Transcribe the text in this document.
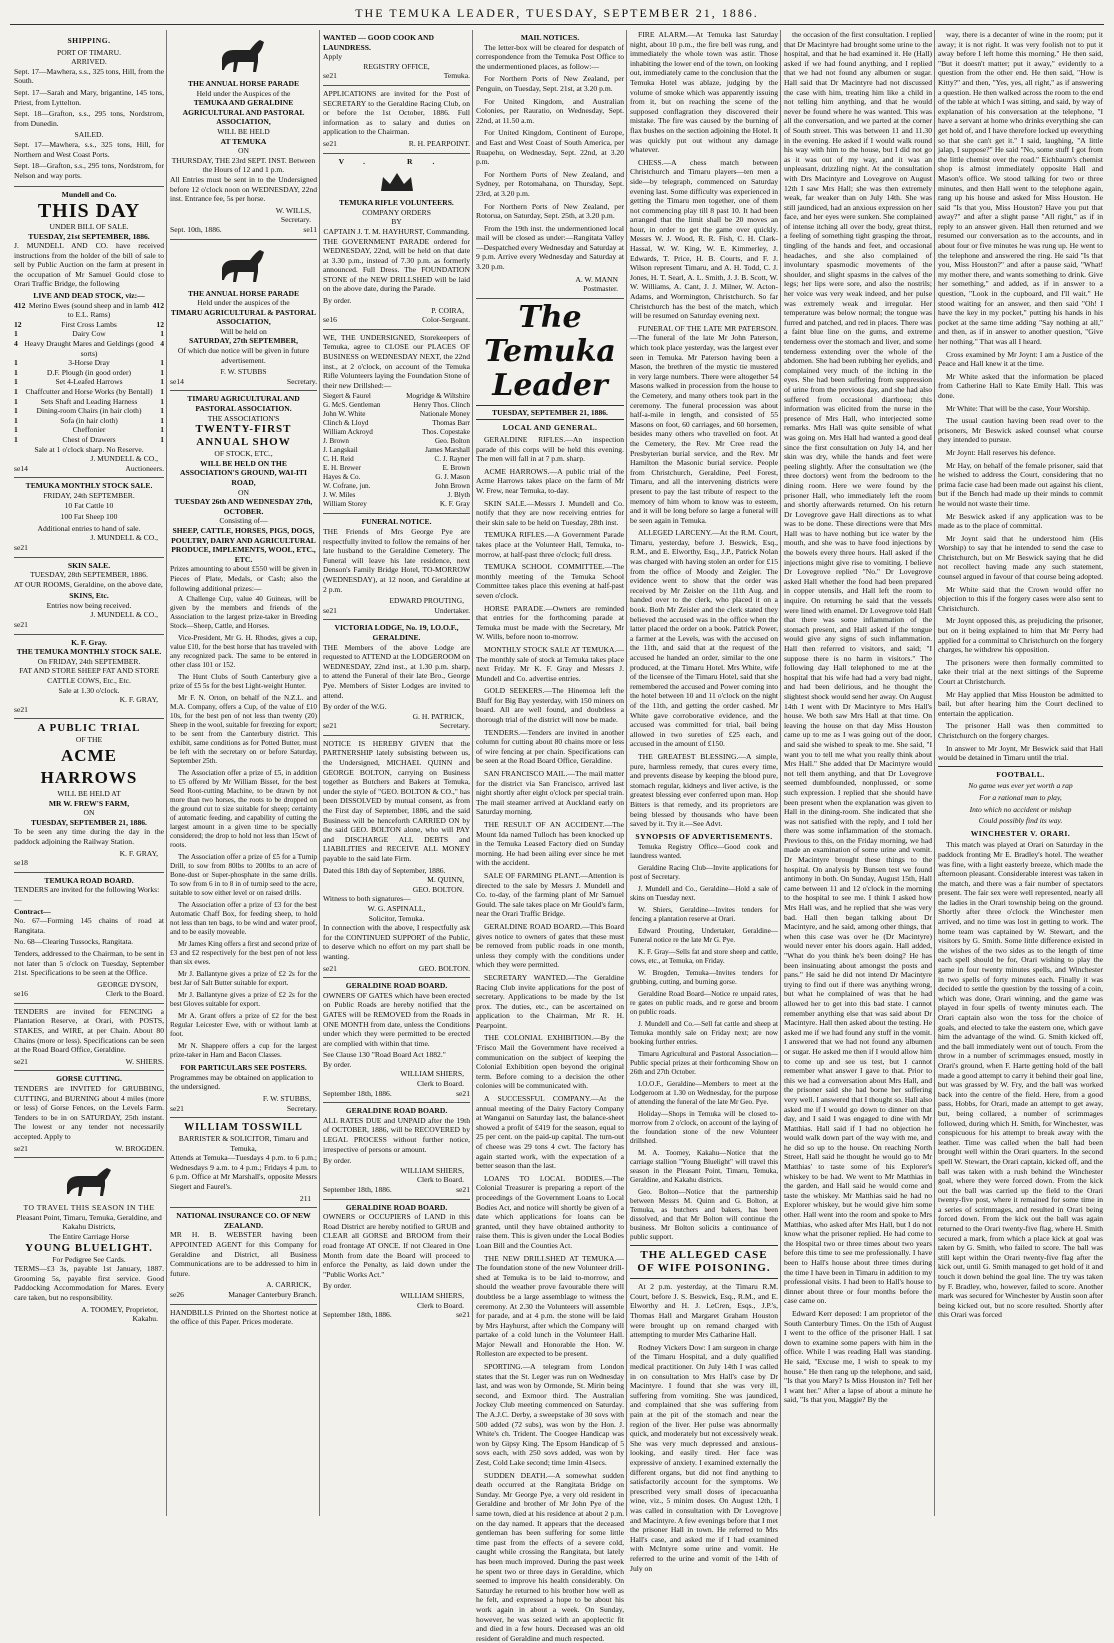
THE TEMUKA LEADER, TUESDAY, SEPTEMBER 21, 1886.
SHIPPING.
PORT OF TIMARU.
ARRIVED.

Sept. 17—Mawhera, s.s., 325 tons, Hill, from the South.

Sept. 17—Sarah and Mary, brigantine, 145 tons, Priest, from Lyttelton.

Sept. 18—Grafton, s.s., 295 tons, Nordstrom, from Dunedin.

SAILED.

Sept. 17—Mawhera, s.s., 325 tons, Hill, for Northern and West Coast Ports.

Sept. 18—Grafton, s.s., 295 tons, Nordstrom, for Nelson and way ports.

Mundell and Co.
THIS DAY
UNDER BILL OF SALE.
TUESDAY, 21st SEPTEMBER, 1886.

J. MUNDELL AND CO. have received instructions from the holder of the bill of sale to sell by Public Auction on the farm at present in the occupation of Mr Samuel Gould close to Orari Traffic Bridge, the following

LIVE AND DEAD STOCK, viz:—
412 Merino Ewes (sound sheep and in lamb to E.L. Rams)
412
12	First Cross Lambs	12
1	Dairy Cow	1
4 Heavy Draught Mares and Geldings (good sorts)
4
1	3-Horse Dray	1
1	D.F. Plough (in good order)	1
1	Set 4-Leafed Harrows	1
1	Chaffcutter and Horse Works (by Bentall)	1
1	Sets Shaft and Leading Harness	1
1	Dining-room Chairs (in hair cloth)	1
1	Sofa (in hair cloth)	1
1	Cheffonier	1
1	Chest of Drawers	1
Sale at 1 o'clock sharp. No Reserve.
J. MUNDELL & CO.,
se14	Auctioneers.
TEMUKA MONTHLY STOCK SALE.
FRIDAY, 24th SEPTEMBER.

10 Fat Cattle 10

100 Fat Sheep 100

Additional entries to hand of sale.
J. MUNDELL & CO.,
se21
SKIN SALE.
TUESDAY, 28th SEPTEMBER, 1886.

AT OUR ROOMS, Geraldine, on the above date,

SKINS, Etc.
Entries now being received.
J. MUNDELL & CO.,
se21
K. F. Gray.
THE TEMUKA MONTHLY STOCK SALE.
On FRIDAY, 24th SEPTEMBER.
FAT AND STORE SHEEP FAT AND STORE CATTLE COWS, Etc., Etc.
Sale at 1.30 o'clock.
K. F. GRAY,
se21
A PUBLIC TRIAL
OF THE
ACME HARROWS
WILL BE HELD AT
MR W. FREW'S FARM,
ON
TUESDAY, SEPTEMBER 21, 1886.

To be seen any time during the day in the paddock adjoining the Railway Station.

K. F. GRAY,
se18
TEMUKA ROAD BOARD.

TENDERS are invited for the following Works:—

Contract—

No. 67—Forming 145 chains of road at Rangitata.

No. 68—Clearing Tussocks, Rangitata.

Tenders, addressed to the Chairman, to be sent in not later than 5 o'clock on Tuesday, September 21st. Specifications to be seen at the Office.

GEORGE DYSON,
se16	Clerk to the Board.

TENDERS are invited for FENCING a Plantation Reserve, at Orari, with POSTS, STAKES, and WIRE, at per Chain. About 80 Chains (more or less). Specifications can be seen at the Road Board Office, Geraldine.

se21	W. SHIERS.
GORSE CUTTING.

TENDERS are INVITED for GRUBBING, CUTTING, and BURNING about 4 miles (more or less) of Gorse Fences, on the Levels Farm. Tenders to be in on SATURDAY, 25th instant. The lowest or any tender not necessarily accepted. Apply to

se21	W. BROGDEN.
TO TRAVEL THIS SEASON IN THE
Pleasant Point, Timaru, Temuka, Geraldine, and Kakahu Districts,
The Entire Carriage Horse
YOUNG BLUELIGHT.
For Pedigree See Cards.

TERMS—£3 3s, payable 1st January, 1887. Grooming 5s, payable first service. Good Paddocking Accommodation for Mares. Every care taken, but no responsibility.

A. TOOMEY, Proprietor,
Kakahu.
THE ANNUAL HORSE PARADE
Held under the Auspices of the
TEMUKA AND GERALDINE AGRICULTURAL AND PASTORAL ASSOCIATION,
WILL BE HELD
AT TEMUKA
ON
THURSDAY, THE 23rd SEPT. INST. Between the Hours of 12 and 1 p.m.

All Entries must be sent in to the Undersigned before 12 o'clock noon on WEDNESDAY, 22nd inst. Entrance fee, 5s per horse.

W. WILLS,
Secretary.
Sept. 10th, 1886.	se11
THE ANNUAL HORSE PARADE
Held under the auspices of the
TIMARU AGRICULTURAL & PASTORAL ASSOCIATION,
Will be held on
SATURDAY, 27th SEPTEMBER,

Of which due notice will be given in future advertisement.

F. W. STUBBS
se14	Secretary.
TIMARU AGRICULTURAL AND PASTORAL ASSOCIATION.
THE ASSOCIATION'S
TWENTY-FIRST ANNUAL SHOW
OF STOCK, ETC.,
WILL BE HELD ON THE ASSOCIATION'S GROUND, WAI-ITI ROAD,
ON
TUESDAY 26th AND WEDNESDAY 27th, OCTOBER.
Consisting of—
SHEEP, CATTLE, HORSES, PIGS, DOGS, POULTRY, DAIRY AND AGRICULTURAL PRODUCE, IMPLEMENTS, WOOL, ETC., ETC.

Prizes amounting to about £550 will be given in Pieces of Plate, Medals, or Cash; also the following additional prizes:—

A Challenge Cup, value 40 Guineas, will be given by the members and friends of the Association to the largest prize-taker in Breeding Stock—Sheep, Cattle, and Horses.

Vice-President, Mr G. H. Rhodes, gives a cup, value £10, for the best horse that has traveled with any recognized pack. The same to be entered in other class 101 or 152.

The Hunt Clubs of South Canterbury give a prize of £5 5s for the best Light-weight Hunter.

Mr F. N. Orton, on behalf of the N.Z.L. and M.A. Company, offers a Cup, of the value of £10 10s, for the best pen of not less than twenty (20) Sheep in the wool, suitable for freezing for export; to be sent from the Canterbury district. This exhibit, same conditions as for Potted Butter, must be left with the secretary on or before Saturday, September 25th.

The Association offer a prize of £5, in addition to £5 offered by Mr William Bisset, for the best Seed Root-cutting Machine, to be drawn by not more than two horses, the roots to be dropped on the ground cut to size suitable for sheep; certainty of automatic feeding, and capability of cutting the largest amount in a given time to be specially considered; the drop to hold not less than 15cwt of roots.

The Association offer a prize of £5 for a Turnip Drill, to sow from 80lbs to 200lbs to an acre of Bone-dust or Super-phosphate in the same drills. To sow from 6 in to 8 in of turnip seed to the acre, suitable to sow either level or on raised drills.

The Association offer a prize of £3 for the best Automatic Chaff Box, for feeding sheep, to hold not less than ten bags, to be wind and water proof, and to be easily moveable.

Mr James King offers a first and second prize of £3 and £2 respectively for the best pen of not less than six ewes.

Mr J. Ballantyne gives a prize of £2 2s for the best Jar of Salt Butter suitable for export.

Mr J. Ballantyne gives a prize of £2 2s for the best Gloves suitable for export.

Mr A. Grant offers a prize of £2 for the best Regular Leicester Ewe, with or without lamb at foot.

Mr N. Shappere offers a cup for the largest prize-taker in Ham and Bacon Classes.

FOR PARTICULARS SEE POSTERS.

Programmes may be obtained on application to the undersigned.

F. W. STUBBS,
se21	Secretary.
WILLIAM TOSSWILL
BARRISTER & SOLICITOR, Timaru and Temuka,

Attends at Temuka—Tuesdays 4 p.m. to 6 p.m.; Wednesdays 9 a.m. to 4 p.m.; Fridays 4 p.m. to 6 p.m. Office at Mr Marshall's, opposite Messrs Siegert and Faurel's.

211
NATIONAL INSURANCE CO. OF NEW ZEALAND.

MR H. B. WEBSTER having been APPOINTED AGENT for this Company for Geraldine and District, all Business Communications are to be addressed to him in future.

A. CARRICK,
se26	Manager Canterbury Branch.

HANDBILLS Printed on the Shortest notice at the office of this Paper. Prices moderate.

WANTED — GOOD COOK AND LAUNDRESS.
Apply
REGISTRY OFFICE,
se21	Temuka.

APPLICATIONS are invited for the Post of SECRETARY to the Geraldine Racing Club, on or before the 1st October, 1886. Full information as to salary and duties on application to the Chairman.

se21	R. H. PEARPOINT.
V. R.
TEMUKA RIFLE VOLUNTEERS.
COMPANY ORDERS
BY
CAPTAIN J. T. M. HAYHURST, Commanding.

THE GOVERNMENT PARADE ordered for WEDNESDAY, 22nd, will be held on that date at 3.30 p.m., instead of 7.30 p.m. as formerly announced. Full Dress. The FOUNDATION STONE of the NEW DRILLSHED will be laid on the above date, during the Parade.

By order.
P. COIRA,
se16	Color-Sergeant.

WE, THE UNDERSIGNED, Storekeepers of Temuka, agree to CLOSE our PLACES OF BUSINESS on WEDNESDAY NEXT, the 22nd inst., at 2 o'clock, on account of the Temuka Rifle Volunteers laying the Foundation Stone of their new Drillshed:—

Siegert & Faurel	Mogridge & Wiltshire
G. McS. Gentleman	Henry Thos. Clinch
John W. White	Nationale Money
Clinch & Lloyd	Thomas Barr
William Ackroyd	Thos. Copestake
J. Brown	Geo. Bolton
J. Langskail	James Marshall
C. H. Reid	C. J. Rayner
E. H. Brewer	E. Brown
Hayes & Co.	G. J. Mason
W. Cofrane, jun.	John Brown
J. W. Miles	J. Blyth
William Storey	K. F. Gray
FUNERAL NOTICE.

THE Friends of Mrs George Pye are respectfully invited to follow the remains of her late husband to the Geraldine Cemetery. The Funeral will leave his late residence, next Denson's Family Bridge Hotel, TO-MORROW (WEDNESDAY), at 12 noon, and Geraldine at 2 p.m.

EDWARD PROUTING,
se21	Undertaker.
VICTORIA LODGE, No. 19, I.O.O.F., GERALDINE.

THE Members of the above Lodge are requested to ATTEND at the LODGEROOM on WEDNESDAY, 22nd inst., at 1.30 p.m. sharp, to attend the Funeral of their late Bro., George Pye. Members of Sister Lodges are invited to attend.

By order of the W.G.
G. H. PATRICK,
se21	Secretary.

NOTICE IS HEREBY GIVEN that the PARTNERSHIP lately subsisting between us, the Undersigned, MICHAEL QUINN and GEORGE BOLTON, carrying on Business together as Butchers and Bakers at Temuka, under the style of "GEO. BOLTON & CO.," has been DISSOLVED by mutual consent, as from the First day of September, 1886, and the said Business will be henceforth CARRIED ON by the said GEO. BOLTON alone, who will PAY and DISCHARGE ALL DEBTS and LIABILITIES and RECEIVE ALL MONEY payable to the said late Firm.

Dated this 18th day of September, 1886.
M. QUINN,
GEO. BOLTON.
Witness to both signatures—
W. G. ASPINALL,
Solicitor, Temuka.

In connection with the above, I respectfully ask for the CONTINUED SUPPORT of the Public, to deserve which no effort on my part shall be wanting.

se21	GEO. BOLTON.
GERALDINE ROAD BOARD.

OWNERS OF GATES which have been erected on Public Roads are hereby notified that the GATES will be REMOVED from the Roads in ONE MONTH from date, unless the Conditions under which they were permitted to be erected are complied with within that time.

See Clause 130 "Road Board Act 1882."
By order.
WILLIAM SHIERS,
Clerk to Board.
September 18th, 1886.	se21
GERALDINE ROAD BOARD.

ALL RATES DUE and UNPAID after the 19th of OCTOBER, 1886, will be RECOVERED by LEGAL PROCESS without further notice, irrespective of persons or amount.

By order.
WILLIAM SHIERS,
Clerk to Board.
September 18th, 1886.	se21
GERALDINE ROAD BOARD.

OWNERS or OCCUPIERS of LAND in this Road District are hereby notified to GRUB and CLEAR all GORSE and BROOM from their road frontage AT ONCE. If not Cleared in One Month from date the Board will proceed to enforce the Penalty, as laid down under the "Public Works Act."

By order.
WILLIAM SHIERS,
Clerk to Board.
September 18th, 1886.	se21
MAIL NOTICES.

The letter-box will be cleared for despatch of correspondence from the Temuka Post Office to the undermentioned places, as follow:—

For Northern Ports of New Zealand, per Penguin, on Tuesday, Sept. 21st, at 3.20 p.m.

For United Kingdom, and Australian Colonies, per Rauratio, on Wednesday, Sept. 22nd, at 11.50 a.m.

For United Kingdom, Continent of Europe, and East and West Coast of South America, per Ruapehu, on Wednesday, Sept. 22nd, at 3.20 p.m.

For Northern Ports of New Zealand, and Sydney, per Rotomahana, on Thursday, Sept. 23rd, at 3.20 p.m.

For Northern Ports of New Zealand, per Rotorua, on Saturday, Sept. 25th, at 3.20 p.m.

From the 19th inst. the undermentioned local mail will be closed as under:—Rangitata Valley—Despatched every Wednesday and Saturday at 9 p.m. Arrive every Wednesday and Saturday at 3.20 p.m.

A. W. MANN
Postmaster.
The Temuka Leader
TUESDAY, SEPTEMBER 21, 1886.
LOCAL AND GENERAL.

GERALDINE RIFLES.—An inspection parade of this corps will be held this evening. The men will fall in at 7 p.m. sharp.

ACME HARROWS.—A public trial of the Acme Harrows takes place on the farm of Mr W. Frew, near Temuka, to-day.

SKIN SALE.—Messrs J. Mundell and Co. notify that they are now receiving entries for their skin sale to be held on Tuesday, 28th inst.

TEMUKA RIFLES.—A Government Parade takes place at the Volunteer Hall, Temuka, to-morrow, at half-past three o'clock; full dress.

TEMUKA SCHOOL COMMITTEE.—The monthly meeting of the Temuka School Committee takes place this evening at half-past seven o'clock.

HORSE PARADE.—Owners are reminded that entries for the forthcoming parade at Temuka must be made with the Secretary, Mr W. Wills, before noon to-morrow.

MONTHLY STOCK SALE AT TEMUKA.—The monthly sale of stock at Temuka takes place next Friday. Mr K. F. Gray and Messrs J. Mundell and Co. advertise entries.

GOLD SEEKERS.—The Hinemoa left the Bluff for Big Bay yesterday, with 150 miners on board. All are well found, and doubtless a thorough trial of the district will now be made.

TENDERS.—Tenders are invited in another column for cutting about 80 chains more or less of wire fencing at per chain. Specifications can be seen at the Road Board Office, Geraldine.

SAN FRANCISCO MAIL.—The mail matter for the district via San Francisco, arrived last night shortly after eight o'clock per special train. The mail steamer arrived at Auckland early on Saturday morning.

THE RESULT OF AN ACCIDENT.—The Mount Ida named Tulloch has been knocked up in the Temuka Leased Factory died on Sunday morning. He had been ailing ever since he met with the accident.

SALE OF FARMING PLANT.—Attention is directed to the sale by Messrs J. Mundell and Co. to-day, of the farming plant of Mr Samuel Gould. The sale takes place on Mr Gould's farm, near the Orari Traffic Bridge.

GERALDINE ROAD BOARD.—This Board gives notice to owners of gates that these must be removed from public roads in one month, unless they comply with the conditions under which they were permitted.

SECRETARY WANTED.—The Geraldine Racing Club invite applications for the post of secretary. Applications to be made by the 1st prox. The duties, etc., can be ascertained on application to the Chairman, Mr R. H. Pearpoint.

THE COLONIAL EXHIBITION.—By the 'Frisco Mail the Government have received a communication on the subject of keeping the Colonial Exhibition open beyond the original term. Before coming to a decision the other colonies will be communicated with.

A SUCCESSFUL COMPANY.—At the annual meeting of the Dairy Factory Company at Wanganui on Saturday last, the balance-sheet showed a profit of £419 for the season, equal to 25 per cent. on the paid-up capital. The turn-out of cheese was 29 tons 4 cwt. The factory has again started work, with the expectation of a better season than the last.

LOANS TO LOCAL BODIES.—The Colonial Treasurer is preparing a report of the proceedings of the Government Loans to Local Bodies Act, and notice will shortly be given of a date which applications for loans can be granted, until they have obtained authority to raise them. This is given under the Local Bodies Loan Bill and the Counties Act.

THE NEW DRILLSHED AT TEMUKA.—The foundation stone of the new Volunteer drill-shed at Temuka is to be laid to-morrow, and should the weather prove favourable there will doubtless be a large assemblage to witness the ceremony. At 2.30 the Volunteers will assemble for parade, and at 4 p.m. the stone will be laid by Mrs Hayhurst, after which the Company will partake of a cold lunch in the Volunteer Hall. Major Newall and Honorable the Hon. W. Rolleston are expected to be present.

SPORTING.—A telegram from London states that the St. Leger was run on Wednesday last, and was won by Ormonde, St. Mirin being second, and Exmoor third. The Australian Jockey Club meeting commenced on Saturday. The A.J.C. Derby, a sweepstake of 30 sovs with 500 added (72 subs), was won by the Hon. J. White's ch. Trident. The Coogee Handicap was won by Gipsy King. The Epsom Handicap of 5 sovs each, with 250 sovs added, was won by Zest, Cold Lake second; time 1min 41secs.

SUDDEN DEATH.—A somewhat sudden death occurred at the Rangitata Bridge on Sunday. Mr George Pye, a very old resident in Geraldine and brother of Mr John Pye of the same town, died at his residence at about 2 p.m. on the day named. It appears that the deceased gentleman has been suffering for some little time past from the effects of a severe cold, caught while crossing the Rangitata, but lately has been much improved. During the past week he spent two or three days in Geraldine, which seemed to improve his health considerably. On Saturday he returned to his brother how well as he felt, and expressed a hope to be about his work again in about a week. On Sunday, however, he was seized with an apoplectic fit and died in a few hours. Deceased was an old resident of Geraldine and much respected.

FIRE ALARM.—At Temuka last Saturday night, about 10 p.m., the fire bell was rung, and immediately the whole town was astir. Those inhabiting the lower end of the town, on looking out, immediately came to the conclusion that the Temuka Hotel was ablaze, judging by the volume of smoke which was apparently issuing from it, but on reaching the scene of the supposed conflagration they discovered their mistake. The fire was caused by the burning of flax bushes on the section adjoining the Hotel. It was quickly put out without any damage whatever.

CHESS.—A chess match between Christchurch and Timaru players—ten men a side—by telegraph, commenced on Saturday evening last. Some difficulty was experienced in getting the Timaru men together, one of them not commencing play till 8 past 10. It had been arranged that the limit shall be 20 moves an hour, in order to get the game over quickly. Messrs W. J. Wood, R. R. Fish, C. H. Clark-Hassal, W. W. King, W. E. Kimmerley, J. Edwards, T. Price, H. B. Courts, and F. J. Wilson represent Timaru, and A. H. Todd, C. J. Jones, H. T. Searl, A. L. Smith, J. J. B. Scott, W. W. Williams, A. Cant, J. J. Milner, W. Acton-Adams, and Wormington, Christchurch. So far Christchurch has the best of the match, which will be resumed on Saturday evening next.

FUNERAL OF THE LATE MR PATERSON.—The funeral of the late Mr John Paterson, which took place yesterday, was the largest ever seen in Temuka. Mr Paterson having been a Mason, the brethren of the mystic tie mustered in very large numbers. There were altogether 54 Masons walked in procession from the house to the Cemetery, and many others took part in the ceremony. The funeral procession was about half-a-mile in length, and consisted of 55 Masons on foot, 60 carriages, and 60 horsemen, besides many others who travelled on foot. At the Cemetery, the Rev. Mr Cree read the Presbyterian burial service, and the Rev. Mr Hamilton the Masonic burial service. People from Christchurch, Geraldine, Peel Forest, Timaru, and all the intervening districts were present to pay the last tribute of respect to the memory of him whom to know was to esteem, and it will be long before so large a funeral will be seen again in Temuka.

ALLEGED LARCENY.—At the R.M. Court, Timaru, yesterday, before J. Beswick, Esq., R.M., and E. Elworthy, Esq., J.P., Patrick Nolan was charged with having stolen an order for £15 from the office of Moody and Zeigler. The evidence went to show that the order was received by Mr Zeisler on the 11th Aug. and handed over to the clerk, who placed it on a book. Both Mr Zeisler and the clerk stated they believed the accused was in the office when the latter placed the order on a book. Patrick Power, a farmer at the Levels, was with the accused on the 11th, and said that at the request of the accused he handed an order, similar to the one produced, at the Timaru Hotel. Mrs White, wife of the licensee of the Timaru Hotel, said that she remembered the accused and Power coming into the hotel between 10 and 11 o'clock on the night of the 11th, and getting the order cashed. Mr White gave corroborative evidence, and the accused was committed for trial, bail being allowed in two sureties of £25 each, and accused in the amount of £150.

THE GREATEST BLESSING.—A simple, pure, harmless remedy, that cures every time, and prevents disease by keeping the blood pure, stomach regular, kidneys and liver active, is the greatest blessing ever conferred upon man. Hop Bitters is that remedy, and its proprietors are being blessed by thousands who have been saved by it. Try it.—See Advt.

SYNOPSIS OF ADVERTISEMENTS.

Temuka Registry Office—Good cook and laundress wanted.

Geraldine Racing Club—Invite applications for post of Secretary.

J. Mundell and Co., Geraldine—Hold a sale of skins on Tuesday next.

W. Shiers, Geraldine—Invites tenders for fencing a plantation reserve at Orari.

Edward Prouting, Undertaker, Geraldine—Funeral notice re the late Mr G. Pye.

K. F. Gray—Sells fat and store sheep and cattle, cows, etc., at Temuka, on Friday.

W. Brogden, Temuka—Invites tenders for grubbing, cutting, and burning gorse.

Geraldine Road Board—Notice re unpaid rates, re gates on public roads, and re gorse and broom on public roads.

J. Mundell and Co.—Sell fat cattle and sheep at Temuka monthly sale on Friday next; are now booking further entries.

Timaru Agricultural and Pastoral Association—Public special prizes at their forthcoming Show on 26th and 27th October.

I.O.O.F., Geraldine—Members to meet at the Lodgeroom at 1.30 on Wednesday, for the purpose of attending the funeral of the late Mr Geo. Pye.

Holiday—Shops in Temuka will be closed to-morrow from 2 o'clock, on account of the laying of the foundation stone of the new Volunteer drillshed.

M. A. Toomey, Kakahu—Notice that the carriage stallion "Young Bluelight" will travel this season in the Pleasant Point, Timaru, Temuka, Geraldine, and Kakahu districts.

Geo. Bolton—Notice that the partnership between Messrs M. Quinn and G. Bolton, at Temuka, as butchers and bakers, has been dissolved, and that Mr Bolton will continue the business. Mr Bolton solicits a continuance of public support.

THE ALLEGED CASE OF WIFE POISONING.

At 2 p.m. yesterday, at the Timaru R.M. Court, before J. S. Beswick, Esq., R.M., and E. Elworthy and H. J. LeCren, Esqs., J.P.'s, Thomas Hall and Margaret Graham Houston were brought up on remand charged with attempting to murder Mrs Catharine Hall.

Rodney Vickers Dow: I am surgeon in charge of the Timaru Hospital, and a duly qualified medical practitioner. On July 14th I was called in on consultation to Mrs Hall's case by Dr Macintyre. I found that she was very ill, suffering from vomiting. She was jaundiced, and complained that she was suffering from pain at the pit of the stomach and near the region of the liver. Her pulse was abnormally quick, and moderately but not excessively weak. She was very much depressed and anxious-looking, and easily tired. Her face was expressive of anxiety. I examined externally the different organs, but did not find anything to satisfactorily account for the symptoms. We prescribed very small doses of ipecacuanha wine, viz., 5 minim doses. On August 12th, I was called in consultation with Dr Lovegrove and Macintyre. A few evenings before that I met the prisoner Hall in town. He referred to Mrs Hall's case, and asked me if I had examined with McIntyre some urine and vomit. He referred to the urine and vomit of the 14th of July on

the occasion of the first consultation. I replied that Dr Macintyre had brought some urine to the hospital, and that he had examined it. He (Hall) asked if we had found anything, and I replied that we had not found any albumen or sugar. Hall said that Dr Macintyre had not discussed the case with him, treating him like a child in not telling him anything, and that he would never be found where he was wanted. This was all the conversation, and we parted at the corner of South street. This was between 11 and 11.30 in the evening. He asked if I would walk round his way with him to the house, but I did not go as it was out of my way, and it was an unpleasant, drizzling night. At the consultation with Drs Macintyre and Lovegrove on August 12th I saw Mrs Hall; she was then extremely weak, far weaker than on July 14th. She was still jaundiced, had an anxious expression on her face, and her eyes were sunken. She complained of intense itching all over the body, great thirst, a feeling of something tight grasping the throat, tingling of the hands and feet, and occasional headaches, and she also complained of involuntary spasmodic movements of the shoulder, and slight spasms in the calves of the legs; her lips were sore, and also the nostrils; her voice was very weak indeed, and her pulse was extremely weak and irregular. Her temperature was below normal; the tongue was furred and patched, and red in places. There was a faint blue line on the gums, and extreme tenderness over the stomach and liver, and some tenderness extending over the whole of the abdomen. She had been rubbing her eyelids, and complained very much of the itching in the eyes. She had been suffering from suppression of urine from the previous day, and she had also suffered from occasional diarrhoea; this information was elicited from the nurse in the presence of Mrs Hall, who interjected some remarks. Mrs Hall was quite sensible of what was going on. Mrs Hall had wanted a good deal since the first consultation on July 14, and her skin was dry, while the hands and feet were peeling slightly. After the consultation we (the three doctors) went from the bedroom to the dining room. Here we were found by the prisoner Hall, who immediately left the room and shortly afterwards returned. On his return Dr Lovegrove gave Hall directions as to what was to be done. These directions were that Mrs Hall was to have nothing but ice water by the mouth, and she was to have food injections by the bowels every three hours. Hall asked if the injections might give rise to vomiting. I believe Dr Lovegrove replied "No." Dr Lovegrove asked Hall whether the food had been prepared in copper utensils, and Hall left the room to inquire. On returning he said that the vessels were lined with enamel. Dr Lovegrove told Hall that there was some inflammation of the stomach present, and Hall asked if the tongue would give any signs of such inflammation. Hall then referred to visitors, and said; "I suppose there is no harm in visitors." The following day Hall telephoned to me at the hospital that his wife had had a very bad night, and had been delirious, and he thought the slightest shock would send her away. On August 14th I went with Dr Macintyre to Mrs Hall's house. We both saw Mrs Hall at that time. On leaving the house on that day Miss Houston came up to me as I was going out of the door, and said she wished to speak to me. She said, "I want you to tell me what you really think about Mrs Hall." She added that Dr Macintyre would not tell them anything, and that Dr Lovegrove seemed dumbfounded, nonplussed, or some such expression. I replied that she should have been present when the explanation was given to Hall in the dining-room. She indicated that she was not satisfied with the reply, and I told her there was some inflammation of the stomach. Previous to this, on the Friday morning, we had made an examination of some urine and vomit. Dr Macintyre brought these things to the hospital. On analysis by Bunsen test we found antimony in both. On Sunday, August 15th, Hall came between 11 and 12 o'clock in the morning to the hospital to see me. I think I asked how Mrs Hall was, and he replied that she was very bad. Hall then began talking about Dr Macintyre, and he said, among other things, that when this case was over he (Dr Macintyre) would never enter his doors again. Hall added, "What do you think he's been doing? He has been insinuating about amongst the posts and pans." He said he did not intend Dr Macintyre trying to find out if there was anything wrong, but what he complained of was that he had allowed her to get into this bad state. I cannot remember anything else that was said about Dr Macintyre. Hall then asked about the testing. He asked me if we had found any stuff in the vomit. I answered that we had not found any albumen or sugar. He asked me then if I would allow him to come up and see us test, but I cannot remember what answer I gave to that. Prior to this we had a conversation about Mrs Hall, and the prisoner said she had borne her suffering very well. I answered that I thought so. Hall also asked me if I would go down to dinner on that day, and I said I was engaged to dine with Mr Matthias. Hall said if I had no objection he would walk down part of the way with me, and he did so up to the house. On reaching North Street, Hall said he thought he would go to Mr Matthias' to taste some of his Explorer's whiskey to be had. We went to Mr Matthias in the garden, and Hall said he would come and taste the whiskey. Mr Matthias said he had no Explorer whiskey, but he would give him some other. Hall went into the room and spoke to Mrs Matthias, who asked after Mrs Hall, but I do not know what the prisoner replied. He had come to the Hospital two or three times about two years before this time to see me professionally. I have been to Hall's house about three times during the time I have been in Timaru in addition to my professional visits. I had been to Hall's house to dinner about three or four months before the case came on.

Edward Kerr deposed: I am proprietor of the South Canterbury Times. On the 15th of August I went to the office of the prisoner Hall. I sat down to examine some papers with him in the office. While I was reading Hall was standing. He said, "Excuse me, I wish to speak to my house." He then rang up the telephone, and said, "Is that you Mary? Is Miss Houston in? Tell her I want her." After a lapse of about a minute he said, "Is that you, Maggie? By the

way, there is a decanter of wine in the room; put it away; it is not right. It was very foolish not to put it away before I left home this morning." He then said, "But it doesn't matter; put it away," evidently to a question from the other end. He then said, "How is Kitty?" and then, "Yes, yes, all right," as if answering a question. He then walked across the room to the end of the table at which I was sitting, and said, by way of explanation of his conversation at the telephone, "I have a servant at home who drinks everything she can get hold of, and I have therefore locked up everything so that she can't get it." I said, laughing, "A little jalap, I suppose?" He said "No, some stuff I got from the little chemist over the road." Eichbaum's chemist shop is almost immediately opposite Hall and Mason's office. We stood talking for two or three minutes, and then Hall went to the telephone again, rang up his house and asked for Miss Houston. He said "Is that you, Miss Houston? Have you put that away?" and after a slight pause "All right," as if in reply to an answer given. Hall then returned and we resumed our conversation as to the accounts, and in about four or five minutes he was rung up. He went to the telephone and answered the ring. He said "Is that you, Miss Houston?" and after a pause said, "What! my mother there, and wants something to drink. Give her something," and added, as if in answer to a question, "Look in the cupboard, and I'll wait." He stood waiting for an answer, and then said "Oh! I have the key in my pocket," putting his hands in his pocket at the same time adding "Say nothing at all," and then, as if in answer to another question, "Give her nothing." That was all I heard.

Cross examined by Mr Joynt: I am a Justice of the Peace and Hall knew it at the time.

Mr White asked that the information be placed from Catherine Hall to Kate Emily Hall. This was done.

Mr White: That will be the case, Your Worship.

The usual caution having been read over to the prisoners, Mr Beswick asked counsel what course they intended to pursue.

Mr Joynt: Hall reserves his defence.

Mr Hay, on behalf of the female prisoner, said that he wished to address the Court, considering that no prima facie case had been made out against his client, but if the Bench had made up their minds to commit he would not waste their time.

Mr Beswick asked if any application was to be made as to the place of committal.

Mr Joynt said that he understood him (His Worship) to say that he intended to send the case to Christchurch, but on Mr Beswick saying that he did not recollect having made any such statement, counsel argued in favour of that course being adopted.

Mr White said that the Crown would offer no objection to this if the forgery cases were also sent to Christchurch.

Mr Joynt opposed this, as prejudicing the prisoner, but on it being explained to him that Mr Perry had applied for a committal to Christchurch on the forgery charges, he withdrew his opposition.

The prisoners were then formally committed to take their trial at the next sittings of the Supreme Court at Christchurch.

Mr Hay applied that Miss Houston be admitted to bail, but after hearing him the Court declined to entertain the application.

The prisoner Hall was then committed to Christchurch on the forgery charges.

In answer to Mr Joynt, Mr Beswick said that Hall would be detained in Timaru until the trial.

FOOTBALL.

No game was ever yet worth a rap

For a rational man to play,

Into which no accident or mishap

Could possibly find its way.

WINCHESTER V. ORARI.

This match was played at Orari on Saturday in the paddock fronting Mr E. Bradley's hotel. The weather was fine, with a light easterly breeze, which made the afternoon pleasant. Considerable interest was taken in the match, and there was a fair number of spectators present. The fair sex were well represented, nearly all the ladies in the Orari township being on the ground. Shortly after three o'clock the Winchester men arrived, and no time was lost in getting to work. The home team was captained by W. Stewart, and the visitors by G. Smith. Some little difference existed in the wishes of the two sides as to the length of time each spell should be for, Orari wishing to play the game in four twenty minutes spells, and Winchester in two spells of forty minutes each. Finally it was decided to settle the question by the tossing of a coin, which was done, Orari winning, and the game was played in four spells of twenty minutes each. The Orari captain also won the toss for the choice of goals, and elected to take the eastern one, which gave him the advantage of the wind. G. Smith kicked off, and the ball immediately went out of touch. From the throw in a number of scrimmages ensued, mostly in Orari's ground, when F. Harte getting hold of the ball made a good attempt to carry it behind their goal line, but was grassed by W. Fry, and the ball was worked back into the centre of the field. Here, from a good pass, Hobbs, for Orari, made an attempt to get away, but, being collared, a number of scrimmages followed, during which H. Smith, for Winchester, was conspicuous for his attempt to break away with the leather. Time was called when the ball had been brought well within the Orari quarters. In the second spell W. Stewart, the Orari captain, kicked off, and the ball was taken with a rush behind the Winchester goal, where they were forced down. From the kick out the ball was carried up the field to the Orari twenty-five post, where it remained for some time in a series of scrimmages, and resulted in Orari being forced down. From the kick out the ball was again returned to the Orari twenty-five flag, where H. Smith secured a mark, from which a place kick at goal was taken by G. Smith, who failed to score. The ball was still kept within the Orari twenty-five flag after the kick out, until G. Smith managed to get hold of it and touch it down behind the goal line. The try was taken by F. Bradley, who, however, failed to score. Another mark was secured for Winchester by Austin soon after being kicked out, but no score resulted. Shortly after this Orari was forced
